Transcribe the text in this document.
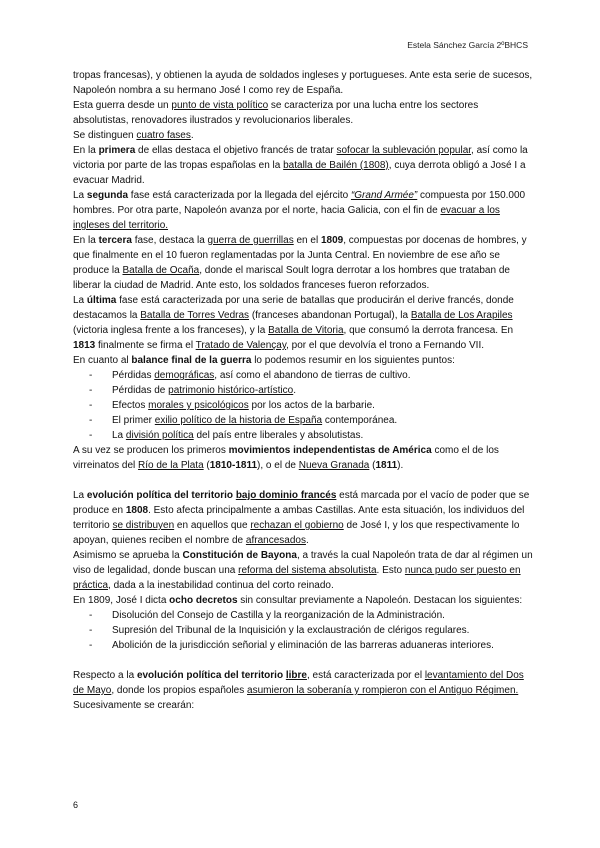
Estela Sánchez García 2ºBHCS

tropas francesas), y obtienen la ayuda de soldados ingleses y portugueses. Ante esta serie de sucesos, Napoleón nombra a su hermano José I como rey de España.

Esta guerra desde un punto de vista político se caracteriza por una lucha entre los sectores absolutistas, renovadores ilustrados y revolucionarios liberales.

Se distinguen cuatro fases.

En la primera de ellas destaca el objetivo francés de tratar sofocar la sublevación popular, así como la victoria por parte de las tropas españolas en la batalla de Bailén (1808), cuya derrota obligó a José I a evacuar Madrid.

La segunda fase está caracterizada por la llegada del ejército “Grand Armée” compuesta por 150.000 hombres. Por otra parte, Napoleón avanza por el norte, hacia Galicia, con el fin de evacuar a los ingleses del territorio.

En la tercera fase, destaca la guerra de guerrillas en el 1809, compuestas por docenas de hombres, y que finalmente en el 10 fueron reglamentadas por la Junta Central. En noviembre de ese año se produce la Batalla de Ocaña, donde el mariscal Soult logra derrotar a los hombres que trataban de liberar la ciudad de Madrid. Ante esto, los soldados franceses fueron reforzados.

La última fase está caracterizada por una serie de batallas que producirán el derive francés, donde destacamos la Batalla de Torres Vedras (franceses abandonan Portugal), la Batalla de Los Arapiles (victoria inglesa frente a los franceses), y la Batalla de Vitoria, que consumó la derrota francesa. En 1813 finalmente se firma el Tratado de Valençay, por el que devolvía el trono a Fernando VII.

En cuanto al balance final de la guerra lo podemos resumir en los siguientes puntos:

- Pérdidas demográficas, así como el abandono de tierras de cultivo.
- Pérdidas de patrimonio histórico-artístico.
- Efectos morales y psicológicos por los actos de la barbarie.
- El primer exilio político de la historia de España contemporánea.
- La división política del país entre liberales y absolutistas.

A su vez se producen los primeros movimientos independentistas de América como el de los virreinatos del Río de la Plata (1810-1811), o el de Nueva Granada (1811).

La evolución política del territorio bajo dominio francés está marcada por el vacío de poder que se produce en 1808. Esto afecta principalmente a ambas Castillas. Ante esta situación, los individuos del territorio se distribuyen en aquellos que rechazan el gobierno de José I, y los que respectivamente lo apoyan, quienes reciben el nombre de afrancesados.

Asimismo se aprueba la Constitución de Bayona, a través la cual Napoleón trata de dar al régimen un viso de legalidad, donde buscan una reforma del sistema absolutista. Esto nunca pudo ser puesto en práctica, dada a la inestabilidad continua del corto reinado.

En 1809, José I dicta ocho decretos sin consultar previamente a Napoleón. Destacan los siguientes:

- Disolución del Consejo de Castilla y la reorganización de la Administración.
- Supresión del Tribunal de la Inquisición y la exclaustración de clérigos regulares.
- Abolición de la jurisdicción señorial y eliminación de las barreras aduaneras interiores.

Respecto a la evolución política del territorio libre, está caracterizada por el levantamiento del Dos de Mayo, donde los propios españoles asumieron la soberanía y rompieron con el Antiguo Régimen.

Sucesivamente se crearán:

6
